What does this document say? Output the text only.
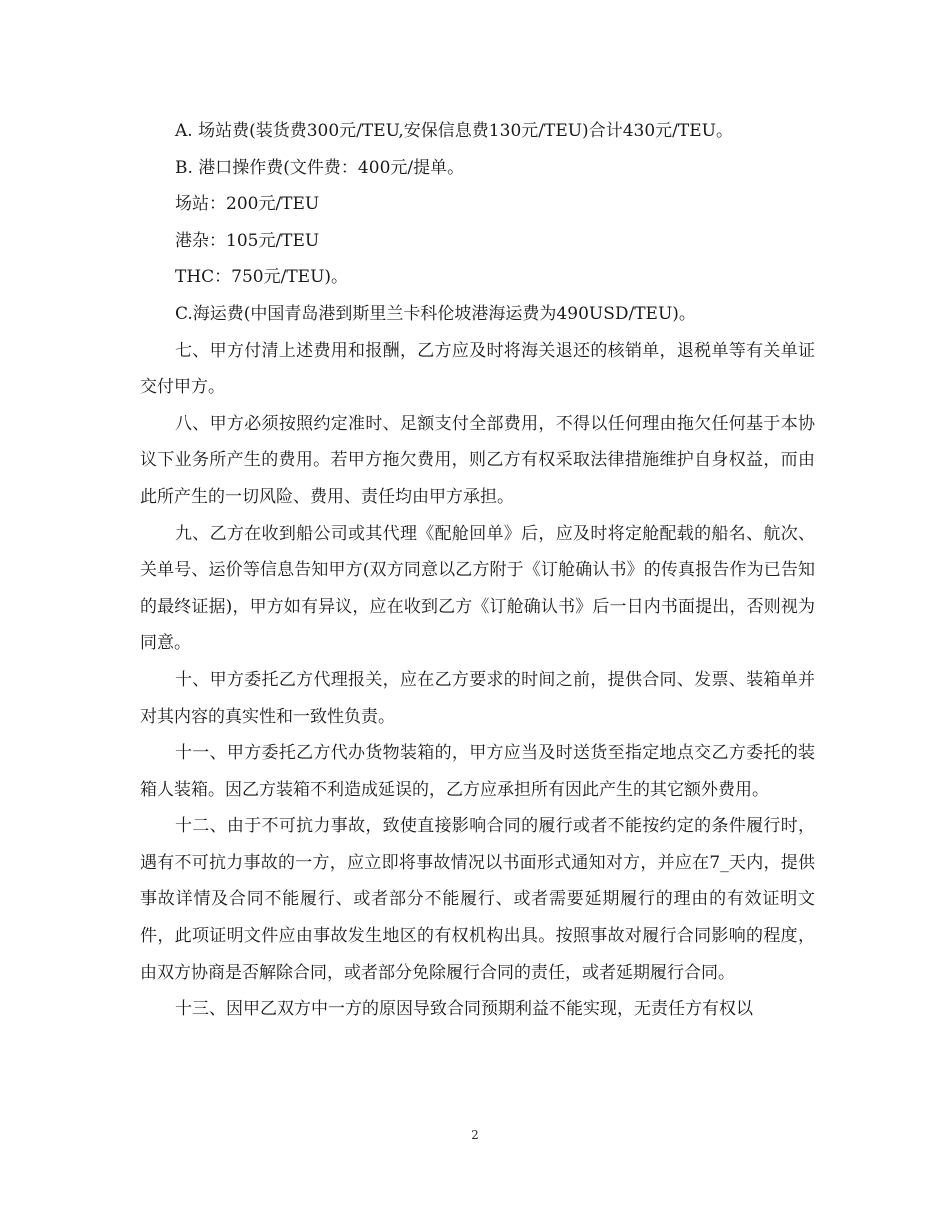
A. 场站费(装货费300元/TEU,安保信息费130元/TEU)合计430元/TEU。

B. 港口操作费(文件费：400元/提单。

场站：200元/TEU

港杂：105元/TEU

THC：750元/TEU)。

C.海运费(中国青岛港到斯里兰卡科伦坡港海运费为490USD/TEU)。

七、甲方付清上述费用和报酬，乙方应及时将海关退还的核销单，退税单等有关单证交付甲方。

八、甲方必须按照约定准时、足额支付全部费用，不得以任何理由拖欠任何基于本协议下业务所产生的费用。若甲方拖欠费用，则乙方有权采取法律措施维护自身权益，而由此所产生的一切风险、费用、责任均由甲方承担。

九、乙方在收到船公司或其代理《配舱回单》后，应及时将定舱配载的船名、航次、关单号、运价等信息告知甲方(双方同意以乙方附于《订舱确认书》的传真报告作为已告知的最终证据)，甲方如有异议，应在收到乙方《订舱确认书》后一日内书面提出，否则视为同意。

十、甲方委托乙方代理报关，应在乙方要求的时间之前，提供合同、发票、装箱单并对其内容的真实性和一致性负责。

十一、甲方委托乙方代办货物装箱的，甲方应当及时送货至指定地点交乙方委托的装箱人装箱。因乙方装箱不利造成延误的，乙方应承担所有因此产生的其它额外费用。

十二、由于不可抗力事故，致使直接影响合同的履行或者不能按约定的条件履行时，遇有不可抗力事故的一方，应立即将事故情况以书面形式通知对方，并应在7_天内，提供事故详情及合同不能履行、或者部分不能履行、或者需要延期履行的理由的有效证明文件，此项证明文件应由事故发生地区的有权机构出具。按照事故对履行合同影响的程度，由双方协商是否解除合同，或者部分免除履行合同的责任，或者延期履行合同。

十三、因甲乙双方中一方的原因导致合同预期利益不能实现，无责任方有权以

2
